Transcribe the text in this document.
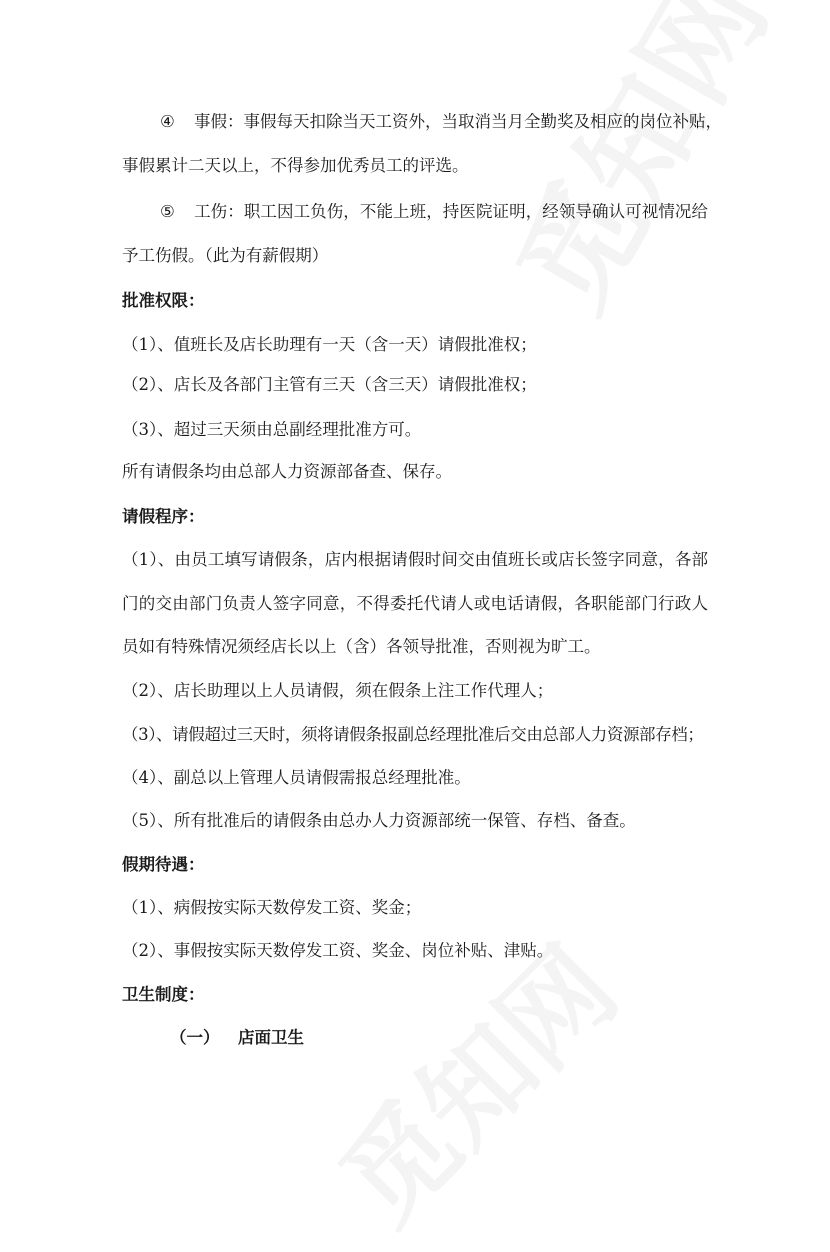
④ 事假：事假每天扣除当天工资外，当取消当月全勤奖及相应的岗位补贴，
事假累计二天以上，不得参加优秀员工的评选。
⑤ 工伤：职工因工负伤，不能上班，持医院证明，经领导确认可视情况给
予工伤假。（此为有薪假期）
批准权限：
（1）、值班长及店长助理有一天（含一天）请假批准权；
（2）、店长及各部门主管有三天（含三天）请假批准权；
（3）、超过三天须由总副经理批准方可。
所有请假条均由总部人力资源部备查、保存。
请假程序：
（1）、由员工填写请假条，店内根据请假时间交由值班长或店长签字同意，各部
门的交由部门负责人签字同意，不得委托代请人或电话请假，各职能部门行政人
员如有特殊情况须经店长以上（含）各领导批准，否则视为旷工。
（2）、店长助理以上人员请假，须在假条上注工作代理人；
（3）、请假超过三天时，须将请假条报副总经理批准后交由总部人力资源部存档；
（4）、副总以上管理人员请假需报总经理批准。
（5）、所有批准后的请假条由总办人力资源部统一保管、存档、备查。
假期待遇：
（1）、病假按实际天数停发工资、奖金；
（2）、事假按实际天数停发工资、奖金、岗位补贴、津贴。
卫生制度：
（一） 店面卫生
